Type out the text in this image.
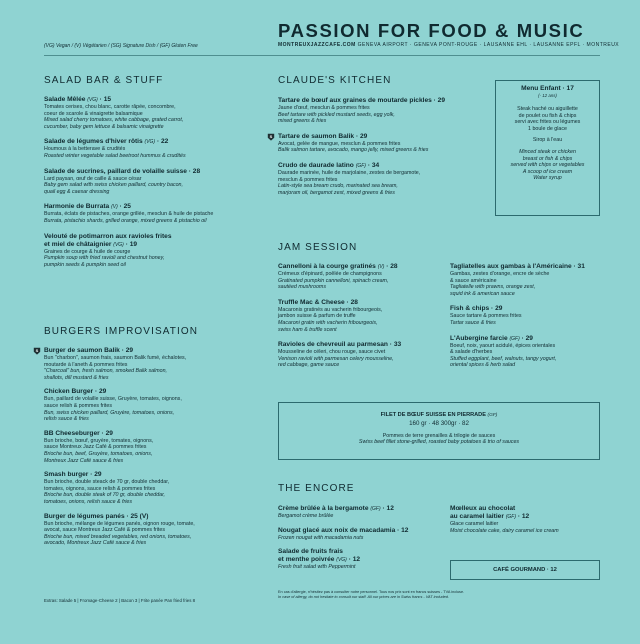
PASSION FOR FOOD & MUSIC
MONTREUXJAZZCAFE.COM GENEVA AIRPORT · GENEVA PONT-ROUGE · LAUSANNE EHL · LAUSANNE EPFL · MONTREUX
(VG) Vegan / (V) Végétarien / (SG) Signature Dish / (GF) Gluten Free
SALAD BAR & STUFF
Salade Mêlée (VG) · 15
Tomates cerises, chou blanc, carotte râpée, concombre,
coeur de scarole & vinaigrette balsamique
Mixed salad cherry tomatoes, white cabbage, grated carrot,
cucumber, baby gem lettuce & balsamic vinaigrette
Salade de légumes d'hiver rôtis (VG) · 22
Houmous à la betterave & crudités
Roasted winter vegetable salad beetroot hummus & crudités
Salade de sucrines, paillard de volaille suisse · 28
Lard paysan, œuf de caille & sauce césar
Baby gem salad with swiss chicken paillard, country bacon,
quail egg & caesar dressing
Harmonie de Burrata (V) · 25
Burrata, éclats de pistaches, orange grillée, mesclun & huile de pistache
Burrata, pistachio shards, grilled orange, mixed greens & pistachio oil
Velouté de potimarron aux ravioles frites
et miel de châtaignier (VG) · 19
Graines de courge & huile de courge
Pumpkin soup with fried ravioli and chestnut honey,
pumpkin seeds & pumpkin seed oil
BURGERS IMPROVISATION
S Burger de saumon Balik · 29
Bun "charbon", saumon frais, saumon Balik fumé, échalotes,
moutarde à l'aneth & pommes frites
"Charcoal" bun, fresh salmon, smoked Balik salmon,
shallots, dill mustard & fries
Chicken Burger · 29
Bun, paillard de volaille suisse, Gruyère, tomates, oignons,
sauce relish & pommes frites
Bun, swiss chicken paillard, Gruyère, tomatoes, onions,
relish sauce & fries
BB Cheeseburger · 29
Bun brioche, bœuf, gruyère, tomates, oignons,
sauce Montreux Jazz Café & pommes frites
Brioche bun, beef, Gruyère, tomatoes, onions,
Montreux Jazz Café sauce & fries
Smash burger · 29
Bun brioche, double steack de 70 gr, double cheddar,
tomates, oignons, sauce relish & pommes frites
Brioche bun, double steak of 70 gr, double cheddar,
tomatoes, onions, relish sauce & fries
Burger de légumes panés · 25 (V)
Bun brioche, mélange de légumes panés, oignon rouge, tomate,
avocat, sauce Montreux Jazz Café & pommes frites
Brioche bun, mixed breaded vegetables, red onions, tomatoes,
avocado, Montreux Jazz Café sauce & fries
Extras: Salade 5 | Fromage-Cheese 2 | Bacon 3 | Frite panée Pan fried fries 8
CLAUDE'S KITCHEN
Tartare de bœuf aux graines de moutarde pickles · 29
Jaune d'œuf, mesclun & pommes frites
Beef tartare with pickled mustard seeds, egg yolk,
mixed greens & fries
S Tartare de saumon Balik · 29
Avocat, gelée de mangue, mesclun & pommes frites
Balik salmon tartare, avocado, mango jelly, mixed greens & fries
Crudo de daurade latino (GF) · 34
Daurade marinée, huile de marjolaine, zestes de bergamote,
mesclun & pommes frites
Latin-style sea bream crudo, marinated sea bream,
marjoram oil, bergamot zest, mixed greens & fries
Menu Enfant · 17
(- 12 ans)
Steak haché ou aiguillette
de poulet ou fish & chips
servi avec frites ou légumes
1 boule de glace
Sirop à l'eau
Minced steak or chicken
breast or fish & chips
served with chips or vegetables
A scoop of ice cream
Water syrup
JAM SESSION
Cannelloni à la courge gratinés (V) · 28
Crémeux d'épinard, poêlée de champignons
Gratinated pumpkin cannelloni, spinach cream,
sautéed mushrooms
Truffle Mac & Cheese · 28
Macaronis gratinés au vacherin fribourgeois,
jambon suisse & parfum de truffe
Macaroni gratin with vacherin fribourgeois,
swiss ham & truffle scent
Ravioles de chevreuil au parmesan · 33
Mousseline de céleri, chou rouge, sauce civet
Venison ravioli with parmesan celery mousseline,
red cabbage, game sauce
Tagliatelles aux gambas à l'Américaine · 31
Gambas, zestes d'orange, encre de sèche
& sauce américaine
Tagliatelle with prawns, orange zest,
squid ink & american sauce
Fish & chips · 29
Sauce tartare & pommes frites
Tartar sauce & fries
L'Aubergine farcie (GF) · 29
Boeuf, noix, yaourt acidulé, épices orientales
& salade d'herbes
Stuffed eggplant, beef, walnuts, tangy yogurt,
oriental spices & herb salad
FILET DE BŒUF SUISSE EN PIERRADE (GF)
160 gr · 48 300gr · 82
Pommes de terre grenailles & trilogie de sauces
Swiss beef fillet stone-grilled, roasted baby potatoes & trio of sauces
THE ENCORE
Crème brûlée à la bergamote (GF) · 12
Bergamot crème brûlée
Nougat glacé aux noix de macadamia · 12
Frozen nougat with macadamia nuts
Salade de fruits frais
et menthe poivrée (VG) · 12
Fresh fruit salad with Peppermint
Mœlleux au chocolat
au caramel laitier (GF) · 12
Glace caramel laitier
Moist chocolate cake, dairy caramel ice cream
CAFÉ GOURMAND · 12
En cas d'allergie, n'hésitez pas à consulter notre personnel. Tous nos prix sont en francs suisses - TVA incluse.
In case of allergy, do not hesitate to consult our staff. All our prices are in Swiss francs - VAT included.
